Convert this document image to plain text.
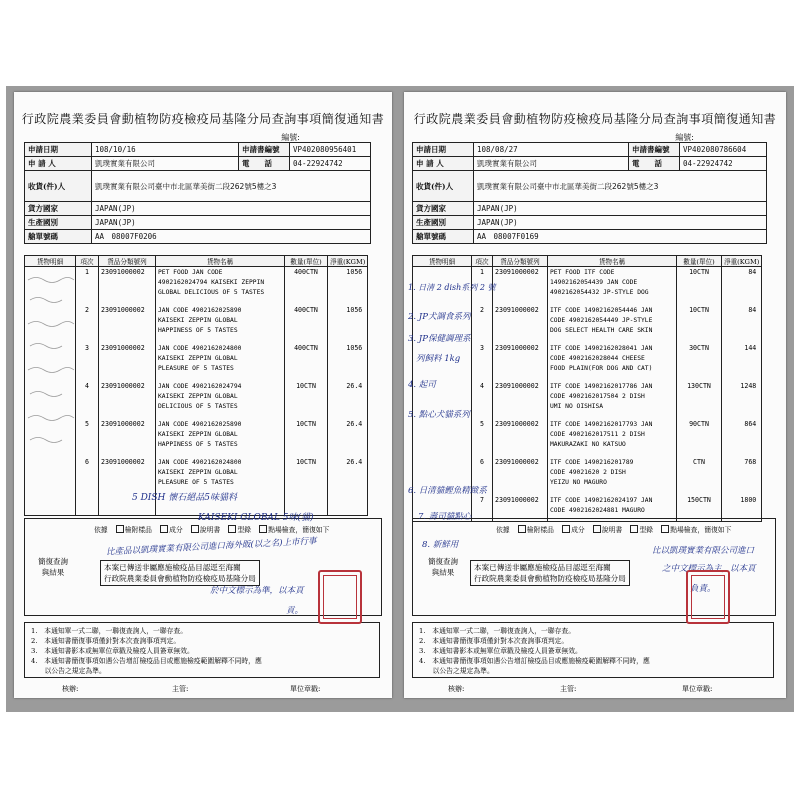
行政院農業委員會動植物防疫檢疫局基隆分局查詢事項簡復通知書
編號:
申請日期	108/10/16	申請書編號	VP402080956401
申 請 人	凱璞實業有限公司	電　　話	04-22924742
收貨(件)人	凱璞實業有限公司臺中市北區華美街二段262號5樓之3		
貨方國家	JAPAN(JP)		
生產國別	JAPAN(JP)		
艙單號碼	AA　08007F0206		
貨物明細	項次	貨品分類號列	貨物名稱	數量(單位)	淨重(KGM)
	1	23091000002	PET FOOD JAN CODE
4902162024794 KAISEKI ZEPPIN
GLOBAL DELICIOUS OF 5 TASTES	400CTN	1056
	2	23091000002	JAN CODE 4902162025890
KAISEKI ZEPPIN GLOBAL
HAPPINESS OF 5 TASTES	400CTN	1056
	3	23091000002	JAN CODE 4902162024800
KAISEKI ZEPPIN GLOBAL
PLEASURE OF 5 TASTES	400CTN	1056
	4	23091000002	JAN CODE 4902162024794
KAISEKI ZEPPIN GLOBAL
DELICIOUS OF 5 TASTES	10CTN	26.4
	5	23091000002	JAN CODE 4902162025890
KAISEKI ZEPPIN GLOBAL
HAPPINESS OF 5 TASTES	10CTN	26.4
	6	23091000002	JAN CODE 4902162024800
KAISEKI ZEPPIN GLOBAL
PLEASURE OF 5 TASTES	10CTN	26.4
依據	檢附樣品	成分	說明書	型錄	點場檢查，簡復如下
簡復查詢
與結果
本案已傳送非屬應施檢疫品目認逕至海關
行政院農業委員會動植物防疫檢疫局基隆分局
1.　本通知單一式二聯，一聯復查詢人，一聯存查。
2.　本通知書簡復事項僅針對本次查詢事項判定。
3.　本通知書影本或無單位章戳及檢疫人員簽章無效。
4.　本通知書簡復事項如遇公告增訂檢疫品目或應施檢疫範圍解釋不同時，應
　　以公告之規定為準。
核辦:	主管:	單位章戳:
KAISEKI GLOBAL 5味(貓)
5 DISH 懷石絕品5味貓料
比產品以凱璞實業有限公司進口海外販(以之名)上市行事
於中文標示為準，以本頁
貢。
行政院農業委員會動植物防疫檢疫局基隆分局查詢事項簡復通知書
編號:
申請日期	108/08/27	申請書編號	VP402080786604
申 請 人	凱璞實業有限公司	電　　話	04-22924742
收貨(件)人	凱璞實業有限公司臺中市北區華美街二段262號5樓之3		
貨方國家	JAPAN(JP)		
生產國別	JAPAN(JP)		
艙單號碼	AA　08007F0169		
貨物明細	項次	貨品分類號列	貨物名稱	數量(單位)	淨重(KGM)
	1	23091000002	PET FOOD ITF CODE
14902162054439 JAN CODE
4902162054432 JP-STYLE DOG	10CTN	84
	2	23091000002	ITF CODE 14902162054446 JAN
CODE 4902162054449 JP-STYLE
DOG SELECT HEALTH CARE SKIN	10CTN	84
	3	23091000002	ITF CODE 14902162028041 JAN
CODE 4902162028044 CHEESE
FOOD PLAIN(FOR DOG AND CAT)	30CTN	144
	4	23091000002	ITF CODE 14902162017786 JAN
CODE 4902162017504 2 DISH
UMI NO OISHISA	130CTN	1248
	5	23091000002	ITF CODE 14902162017793 JAN
CODE 4902162017511 2 DISH
MAKURAZAKI NO KATSUO	90CTN	864
	6	23091000002	ITF CODE 1490216201789
CODE 49021620 2 DISH
YEIZU NO MAGURO	CTN	768
	7	23091000002	ITF CODE 14902162024197 JAN
CODE 4902162024881 MAGURO	150CTN	1800
依據	檢附樣品	成分	說明書	型錄	點場檢查，簡復如下
簡復查詢
與結果
本案已傳送非屬應施檢疫品目認逕至海關
行政院農業委員會動植物防疫檢疫局基隆分局
1.　本通知單一式二聯，一聯復查詢人，一聯存查。
2.　本通知書簡復事項僅針對本次查詢事項判定。
3.　本通知書影本或無單位章戳及檢疫人員簽章無效。
4.　本通知書簡復事項如遇公告增訂檢疫品目或應施檢疫範圍解釋不同時，應
　　以公告之規定為準。
核辦:	主管:	單位章戳:
1. 日清 2 dish系列 2 號
2. JP犬調食系列
3. JP保健調理系
列飼料 1kg
4. 起司
5. 點心犬貓系列
6. 日清貓鰹魚精緻系
7. 壽司貓點心
8. 新鮮用
比以凱璞實業有限公司進口
之中文標示為主，以本頁
負責。
